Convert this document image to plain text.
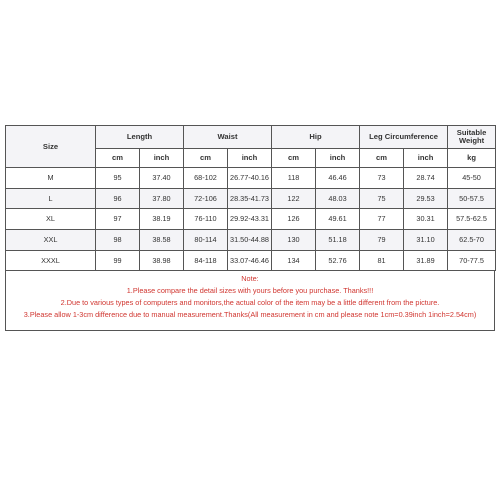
Size	Length		Waist		Hip		Leg Circumference		Suitable Weight
	cm	inch	cm	inch	cm	inch	cm	inch	kg
M	95	37.40	68-102	26.77-40.16	118	46.46	73	28.74	45-50
L	96	37.80	72-106	28.35-41.73	122	48.03	75	29.53	50-57.5
XL	97	38.19	76-110	29.92-43.31	126	49.61	77	30.31	57.5-62.5
XXL	98	38.58	80-114	31.50-44.88	130	51.18	79	31.10	62.5-70
XXXL	99	38.98	84-118	33.07-46.46	134	52.76	81	31.89	70-77.5
Note:
1.Please compare the detail sizes with yours before you purchase. Thanks!!!
2.Due to various types of computers and monitors,the actual color of the item may be a little different from the picture.
3.Please allow 1-3cm difference due to manual measurement.Thanks(All measurement in cm and please note 1cm=0.39inch 1inch=2.54cm)
